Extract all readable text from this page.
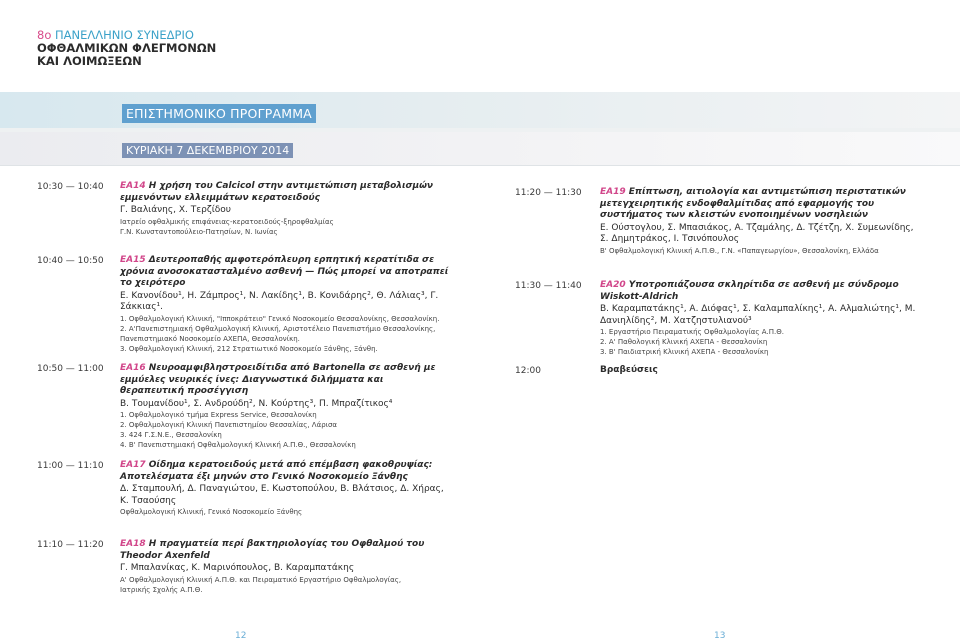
8o ΠΑΝΕΛΛΗΝΙΟ ΣΥΝΕΔΡΙΟ
ΟΦΘΑΛΜΙΚΩΝ ΦΛΕΓΜΟΝΩΝ
ΚΑΙ ΛΟΙΜΩΞΕΩΝ
ΕΠΙΣΤΗΜΟΝΙΚΟ ΠΡΟΓΡΑΜΜΑ
ΚΥΡΙΑΚΗ 7 ΔΕΚΕΜΒΡΙΟΥ 2014
10:30 — 10:40 ΕΑ14 Η χρήση του Calcicol στην αντιμετώπιση μεταβολισμών εμμενόντων ελλειμμάτων κερατοειδούς
Γ. Βαλιάνης, Χ. Τερζίδου
Ιατρείο οφθαλμικής επιφάνειας-κερατοειδούς-ξηροφθαλμίας
Γ.Ν. Κωνσταντοπούλειο-Πατησίων, Ν. Ιωνίας
10:40 — 10:50 ΕΑ15 Δευτεροπαθής αμφοτερόπλευρη ερπητική κερατίτιδα σε χρόνια ανοσοκατασταλμένο ασθενή — Πώς μπορεί να αποτραπεί το χειρότερο
Ε. Κανονίδου¹, Η. Ζάμπρος¹, Ν. Λακίδης¹, Β. Κονιδάρης², Θ. Λάλιας³, Γ. Σάκκιας¹.
1. Οφθαλμολογική Κλινική, "Ιπποκράτειο" Γενικό Νοσοκομείο Θεσσαλονίκης, Θεσσαλονίκη.
2. Α'Πανεπιστημιακή Οφθαλμολογική Κλινική, Αριστοτέλειο Πανεπιστήμιο Θεσσαλονίκης, Πανεπιστημιακό Νοσοκομείο ΑΧΕΠΑ, Θεσσαλονίκη.
3. Οφθαλμολογική Κλινική, 212 Στρατιωτικό Νοσοκομείο Ξάνθης, Ξάνθη.
10:50 — 11:00 ΕΑ16 Νευροαμφιβληστροειδίτιδα από Bartonella σε ασθενή με εμμύελες νευρικές ίνες: Διαγνωστικά διλήμματα και θεραπευτική προσέγγιση
Β. Τουμανίδου¹, Σ. Ανδρούδη², Ν. Κούρτης³, Π. Μπραζίτικος⁴
1. Οφθαλμολογικό τμήμα Express Service, Θεσσαλονίκη
2. Οφθαλμολογική Κλινική Πανεπιστημίου Θεσσαλίας, Λάρισα
3. 424 Γ.Σ.Ν.Ε., Θεσσαλονίκη
4. Β' Πανεπιστημιακή Οφθαλμολογική Κλινική Α.Π.Θ., Θεσσαλονίκη
11:00 — 11:10 ΕΑ17 Οίδημα κερατοειδούς μετά από επέμβαση φακοθρυψίας: Αποτελέσματα έξι μηνών στο Γενικό Νοσοκομείο Ξάνθης
Δ. Σταμπουλή, Δ. Παναγιώτου, Ε. Κωστοπούλου, Β. Βλάτσιος, Δ. Χήρας, Κ. Τσαούσης
Οφθαλμολογική Κλινική, Γενικό Νοσοκομείο Ξάνθης
11:10 — 11:20 ΕΑ18 Η πραγματεία περί βακτηριολογίας του Οφθαλμού του Theodor Axenfeld
Γ. Μπαλανίκας, Κ. Μαρινόπουλος, Β. Καραμπατάκης
Α' Οφθαλμολογική Κλινική Α.Π.Θ. και Πειραματικό Εργαστήριο Οφθαλμολογίας,
Ιατρικής Σχολής Α.Π.Θ.
11:20 — 11:30 ΕΑ19 Επίπτωση, αιτιολογία και αντιμετώπιση περιστατικών μετεγχειρητικής ενδοφθαλμίτιδας από εφαρμογής του συστήματος των κλειστών ενοποιημένων νοσηλειών
Ε. Ούστογλου, Σ. Μπασιάκος, Α. Τζαμάλης, Δ. Τζέτζη, Χ. Συμεωνίδης, Σ. Δημητράκος, Ι. Τσινόπουλος
Β' Οφθαλμολογική Κλινική Α.Π.Θ., Γ.Ν. «Παπαγεωργίου», Θεσσαλονίκη, Ελλάδα
11:30 — 11:40 ΕΑ20 Υποτροπιάζουσα σκληρίτιδα σε ασθενή με σύνδρομο Wiskott-Aldrich
Β. Καραμπατάκης¹, Α. Διόφας¹, Σ. Καλαμπαλίκης¹, Α. Αλμαλιώτης¹, Μ. Δανιηλίδης², Μ. Χατζηστυλιανού³
1. Εργαστήριο Πειραματικής Οφθαλμολογίας Α.Π.Θ.
2. Α' Παθολογική Κλινική ΑΧΕΠΑ - Θεσσαλονίκη
3. Β' Παιδιατρική Κλινική ΑΧΕΠΑ - Θεσσαλονίκη
12:00	Βραβεύσεις
12	13
